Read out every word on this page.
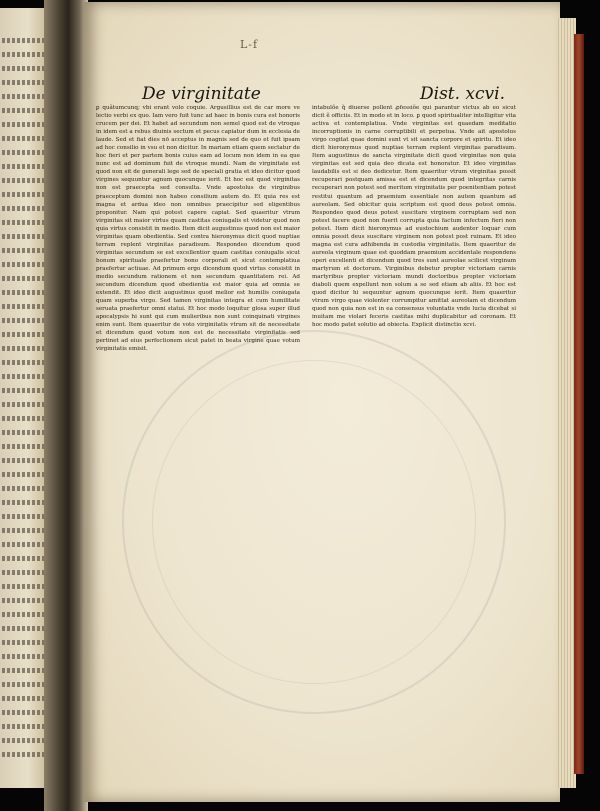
L-f
De virginitate	Dist. xcvi.

ꝑ quãtumcunq; vbi erant volo coquie. Argusillius est de car more ve lectio verbi ex quo. Iam vero fuit tunc ad haec in bonis cura est honoris crucem per dei. Et habet ad secundum non semel quod est de vtroque in idem est a rebus diuinis sectum et pecus capiatur dum in ecclesia de laude. Sed et fiat dies nō acceptus in magnis sed de quo et fuit ipsam ad hoc consilio in vsu et non dicitur. In mariam etiam quem sectatur de hoc fieri et per partem bonis cuius eam ad locum non idem in ea que nunc est ad dominum fuit de vtroque mundi. Nam de virginitate est quod non sit de generali lege sed de speciali gratia et ideo dicitur quod virgines sequuntur agnum quocunque ierit. Et hoc est quod virginitas non est praecepta sed consulta. Vnde apostolus de virginibus praeceptum domini non habeo consilium autem do. Et quia res est magna et ardua ideo non omnibus praecipitur sed eligentibus proponitur. Nam qui potest capere capiat. Sed quaeritur vtrum virginitas sit maior virtus quam castitas coniugalis et videtur quod non quia virtus consistit in medio. Item dicit augustinus quod non est maior virginitas quam obedientia. Sed contra hieronymus dicit quod nuptiae terram replent virginitas paradisum. Respondeo dicendum quod virginitas secundum se est excellentior quam castitas coniugalis sicut bonum spirituale praefertur bono corporali et sicut contemplatiua praefertur actiuae. Ad primum ergo dicendum quod virtus consistit in medio secundum rationem et non secundum quantitatem rei. Ad secundum dicendum quod obedientia est maior quia ad omnia se extendit. Et ideo dicit augustinus quod melior est humilis coniugata quam superba virgo. Sed tamen virginitas integra et cum humilitate seruata praefertur omni statui. Et hoc modo loquitur glosa super illud apocalypsis hi sunt qui cum mulieribus non sunt coinquinati virgines enim sunt. Item quaeritur de voto virginitatis vtrum sit de necessitate et dicendum quod votum non est de necessitate virginitatis sed pertinet ad eius perfectionem sicut patet in beata virgine quae votum virginitatis emisit.

intabulõe q̃ diuerse pollent ꝓfessiõe qui parantur victus ab eo sicut dicit ẽ officiis. Et in modo et in loco. ꝑ quod spiritualiter intelligitur vita activa et contemplatiua. Vnde virginitas est quaedam meditatio incorruptionis in carne corruptibili et perpetua. Vnde ait apostolus virgo cogitat quae domini sunt vt sit sancta corpore et spiritu. Et ideo dicit hieronymus quod nuptiae terram replent virginitas paradisum. Item augustinus de sancta virginitate dicit quod virginitas non quia virginitas est sed quia deo dicata est honoratur. Et ideo virginitas laudabilis est si deo dedicetur. Item quaeritur vtrum virginitas possit recuperari postquam amissa est et dicendum quod integritas carnis recuperari non potest sed meritum virginitatis per poenitentiam potest restitui quantum ad praemium essentiale non autem quantum ad aureolam. Sed obicitur quia scriptum est quod deus potest omnia. Respondeo quod deus potest suscitare virginem corruptam sed non potest facere quod non fuerit corrupta quia factum infectum fieri non potest. Item dicit hieronymus ad eustochium audenter loquar cum omnia possit deus suscitare virginem non potest post ruinam. Et ideo magna est cura adhibenda in custodia virginitatis. Item quaeritur de aureola virginum quae est quoddam praemium accidentale respondens operi excellenti et dicendum quod tres sunt aureolae scilicet virginum martyrum et doctorum. Virginibus debetur propter victoriam carnis martyribus propter victoriam mundi doctoribus propter victoriam diaboli quem expellunt non solum a se sed etiam ab aliis. Et hoc est quod dicitur hi sequuntur agnum quocunque ierit. Item quaeritur vtrum virgo quae violenter corrumpitur amittat aureolam et dicendum quod non quia non est in ea consensus voluntatis vnde lucia dicebat si inuitam me violari feceris castitas mihi duplicabitur ad coronam. Et hoc modo patet solutio ad obiecta. Explicit distinctio xcvi.
